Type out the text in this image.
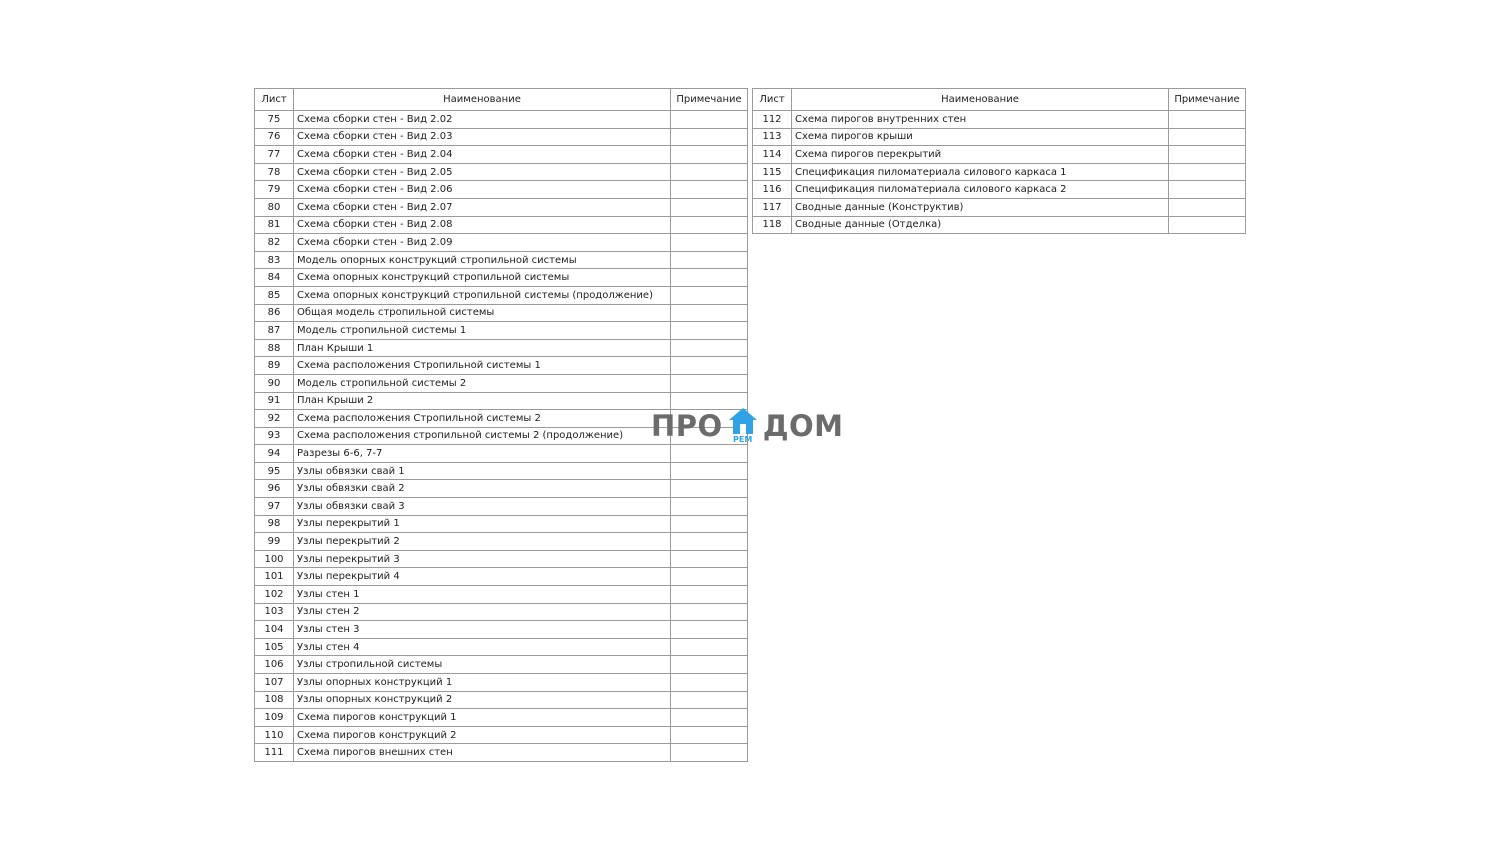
Лист	Наименование	Примечание
75	Схема сборки стен - Вид 2.02	
76	Схема сборки стен - Вид 2.03	
77	Схема сборки стен - Вид 2.04	
78	Схема сборки стен - Вид 2.05	
79	Схема сборки стен - Вид 2.06	
80	Схема сборки стен - Вид 2.07	
81	Схема сборки стен - Вид 2.08	
82	Схема сборки стен - Вид 2.09	
83	Модель опорных конструкций стропильной системы	
84	Схема опорных конструкций стропильной системы	
85	Схема опорных конструкций стропильной системы (продолжение)	
86	Общая модель стропильной системы	
87	Модель стропильной системы 1	
88	План Крыши 1	
89	Схема расположения Стропильной системы 1	
90	Модель стропильной системы 2	
91	План Крыши 2	
92	Схема расположения Стропильной системы 2	
93	Схема расположения стропильной системы 2 (продолжение)	
94	Разрезы 6-6, 7-7	
95	Узлы обвязки свай 1	
96	Узлы обвязки свай 2	
97	Узлы обвязки свай 3	
98	Узлы перекрытий 1	
99	Узлы перекрытий 2	
100	Узлы перекрытий 3	
101	Узлы перекрытий 4	
102	Узлы стен 1	
103	Узлы стен 2	
104	Узлы стен 3	
105	Узлы стен 4	
106	Узлы стропильной системы	
107	Узлы опорных конструкций 1	
108	Узлы опорных конструкций 2	
109	Схема пирогов конструкций 1	
110	Схема пирогов конструкций 2	
111	Схема пирогов внешних стен	
Лист	Наименование	Примечание
112	Схема пирогов внутренних стен	
113	Схема пирогов крыши	
114	Схема пирогов перекрытий	
115	Спецификация пиломатериала силового каркаса 1	
116	Спецификация пиломатериала силового каркаса 2	
117	Сводные данные (Конструктив)	
118	Сводные данные (Отделка)	
ПРО	РЕМ ДОМ
